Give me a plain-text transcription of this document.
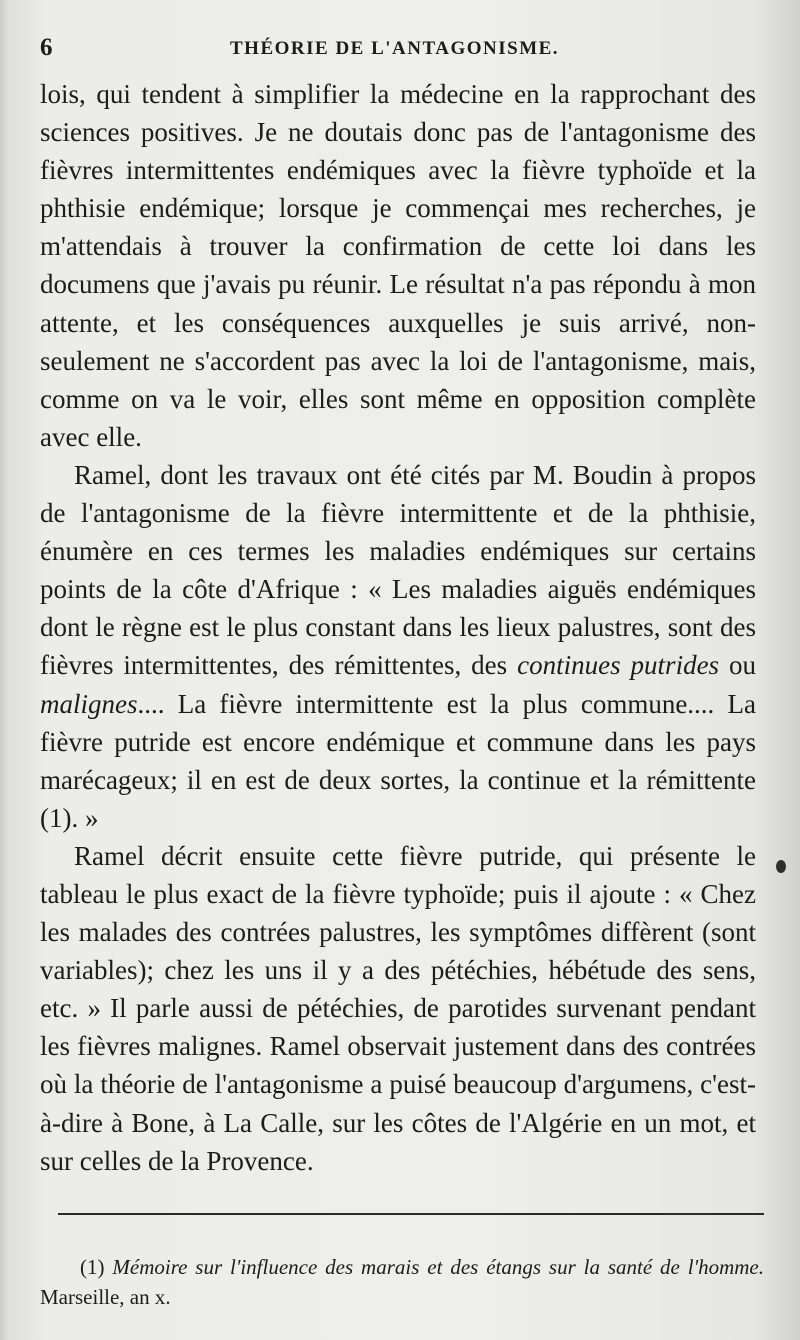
6	THÉORIE DE L'ANTAGONISME.

lois, qui tendent à simplifier la médecine en la rapprochant des sciences positives. Je ne doutais donc pas de l'antagonisme des fièvres intermittentes endémiques avec la fièvre typhoïde et la phthisie endémique; lorsque je commençai mes recherches, je m'attendais à trouver la confirmation de cette loi dans les documens que j'avais pu réunir. Le résultat n'a pas répondu à mon attente, et les conséquences auxquelles je suis arrivé, non-seulement ne s'accordent pas avec la loi de l'antagonisme, mais, comme on va le voir, elles sont même en opposition complète avec elle.

Ramel, dont les travaux ont été cités par M. Boudin à propos de l'antagonisme de la fièvre intermittente et de la phthisie, énumère en ces termes les maladies endémiques sur certains points de la côte d'Afrique : « Les maladies aiguës endémiques dont le règne est le plus constant dans les lieux palustres, sont des fièvres intermittentes, des rémittentes, des continues putrides ou malignes.... La fièvre intermittente est la plus commune.... La fièvre putride est encore endémique et commune dans les pays marécageux; il en est de deux sortes, la continue et la rémittente (1). »

Ramel décrit ensuite cette fièvre putride, qui présente le tableau le plus exact de la fièvre typhoïde; puis il ajoute : « Chez les malades des contrées palustres, les symptômes diffèrent (sont variables); chez les uns il y a des pétéchies, hébétude des sens, etc. » Il parle aussi de pétéchies, de parotides survenant pendant les fièvres malignes. Ramel observait justement dans des contrées où la théorie de l'antagonisme a puisé beaucoup d'argumens, c'est-à-dire à Bone, à La Calle, sur les côtes de l'Algérie en un mot, et sur celles de la Provence.

(1) Mémoire sur l'influence des marais et des étangs sur la santé de l'homme. Marseille, an x.
